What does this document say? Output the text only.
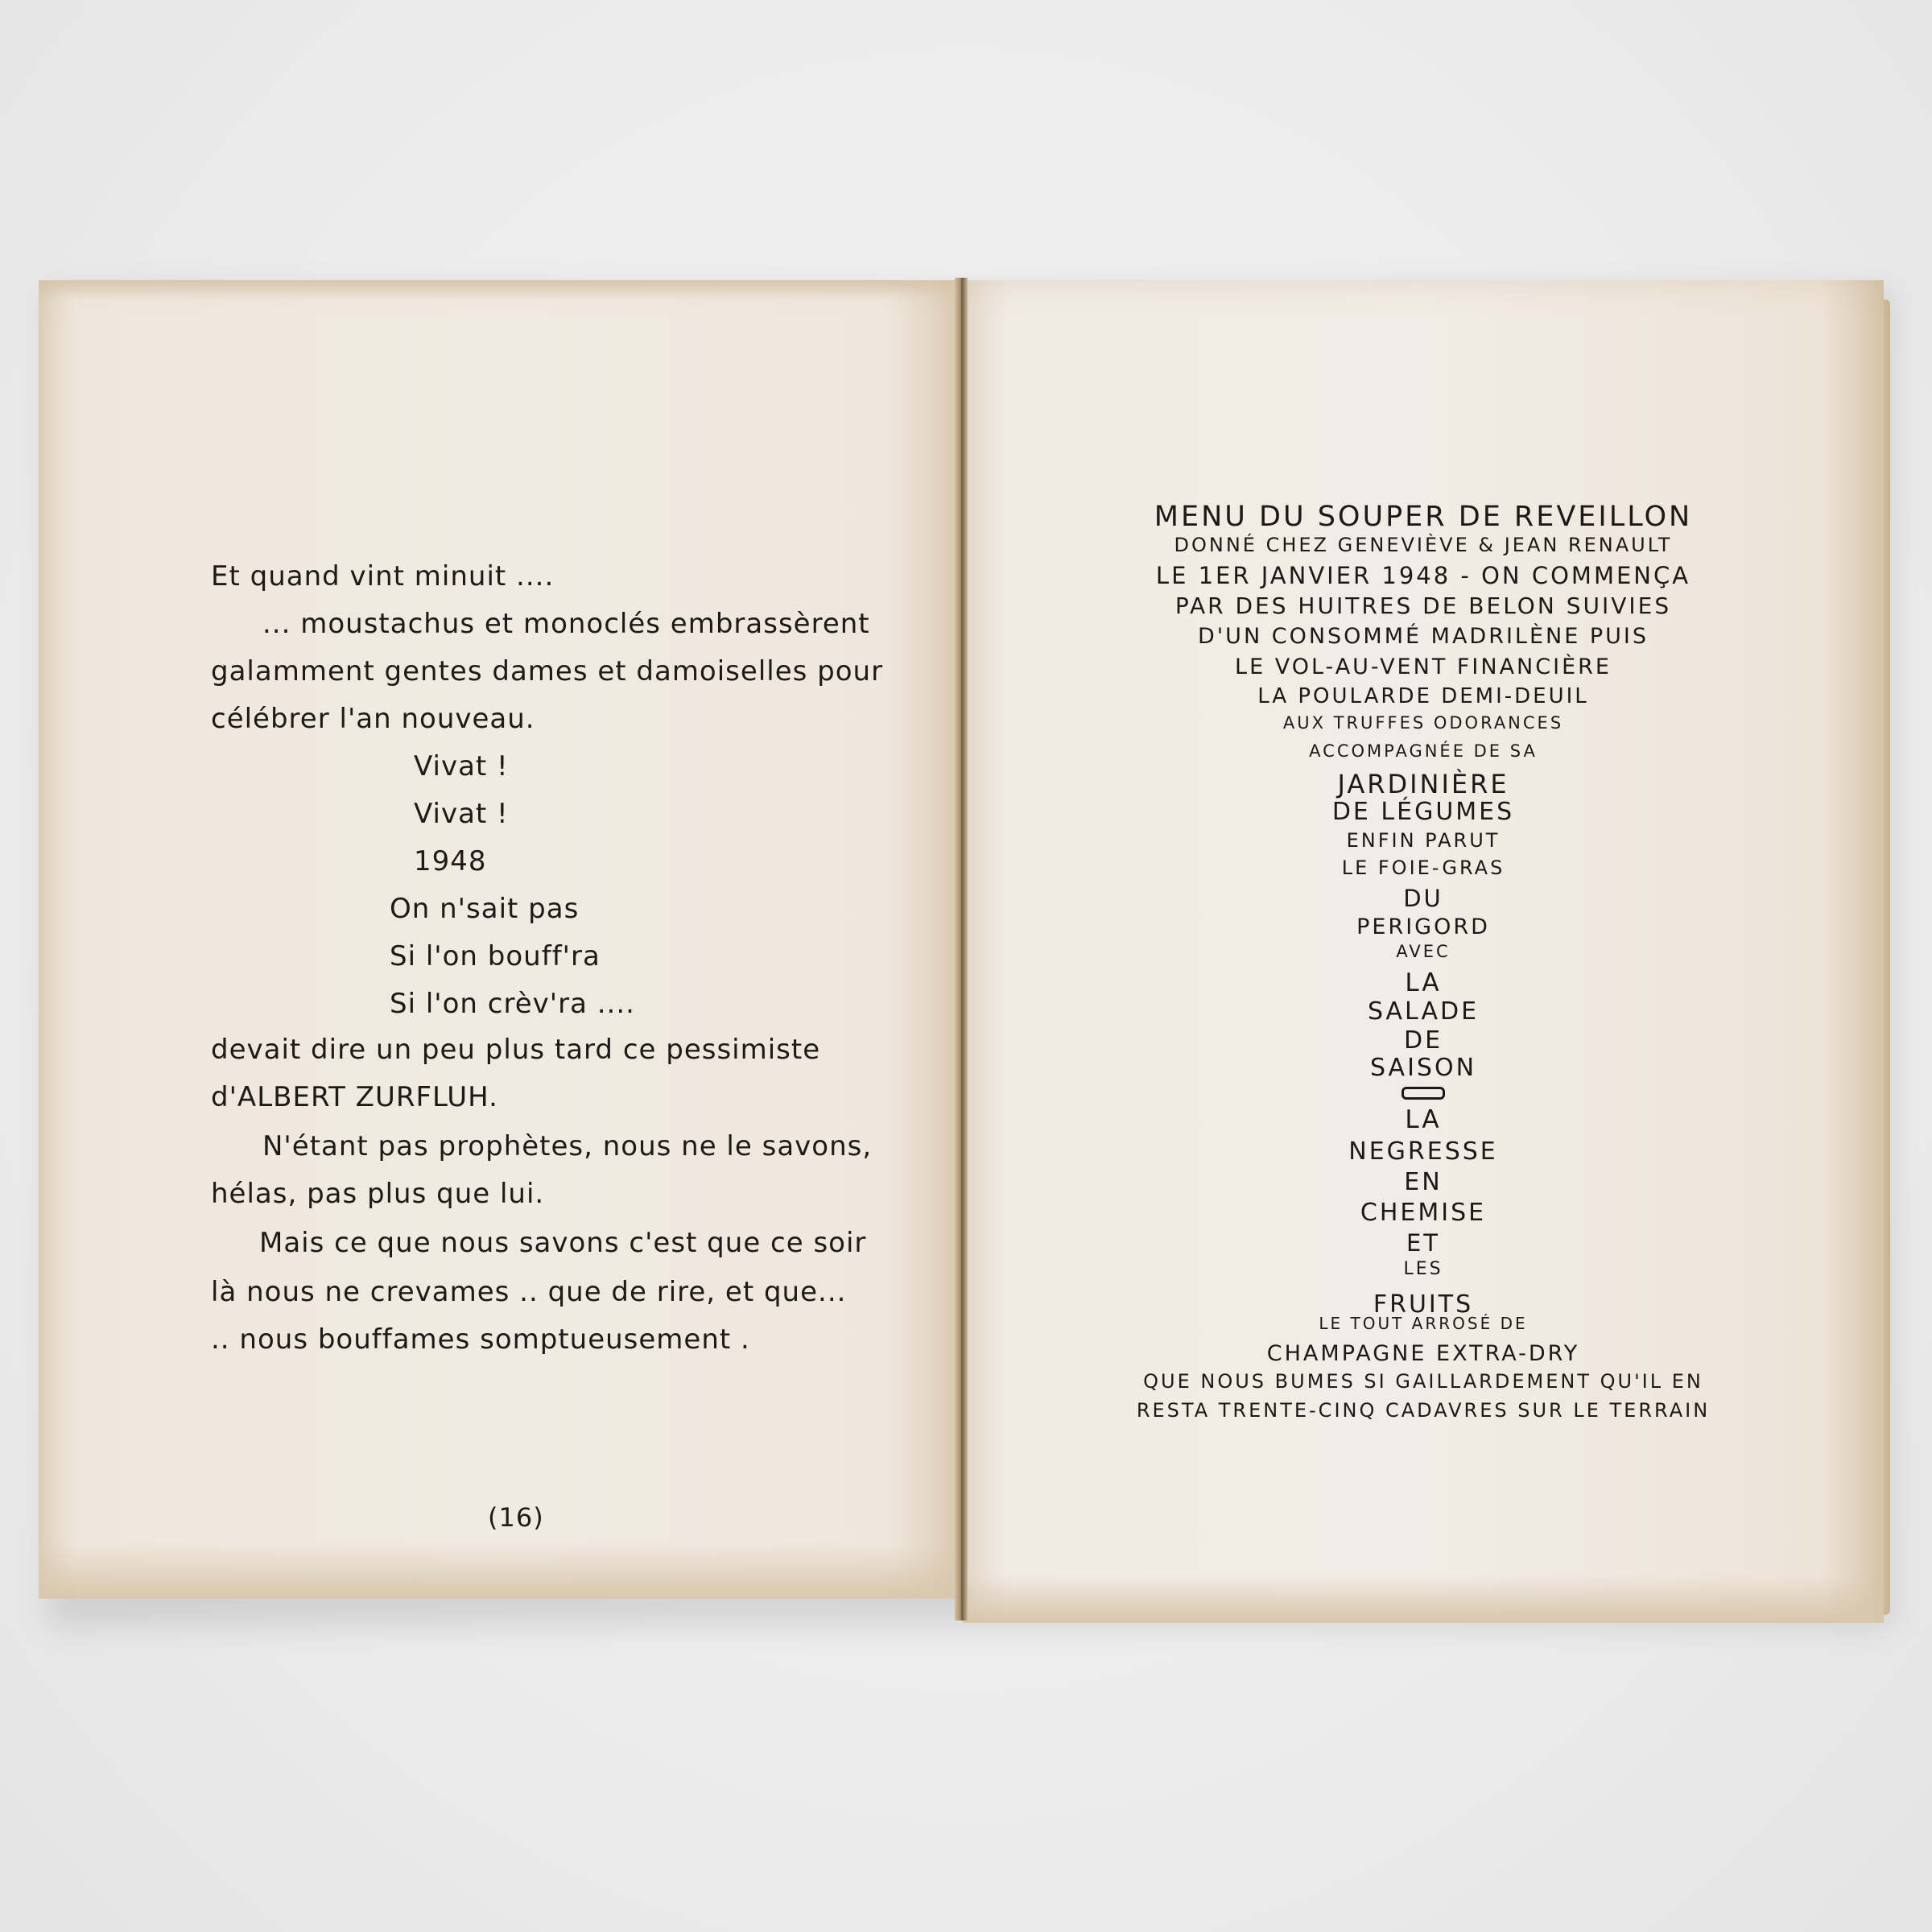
Et quand vint minuit ....

... moustachus et monoclés embrassèrent

galamment gentes dames et damoiselles pour

célébrer l'an nouveau.

Vivat !

Vivat !

1948

On n'sait pas

Si l'on bouff'ra

Si l'on crèv'ra ....

devait dire un peu plus tard ce pessimiste

d'ALBERT ZURFLUH.

N'étant pas prophètes, nous ne le savons,

hélas, pas plus que lui.

Mais ce que nous savons c'est que ce soir

là nous ne crevames .. que de rire, et que...

.. nous bouffames somptueusement .

(16)

MENU DU SOUPER DE REVEILLON
DONNÉ CHEZ GENEVIÈVE & JEAN RENAULT
LE 1ER JANVIER 1948 - ON COMMENÇA
PAR DES HUITRES DE BELON SUIVIES
D'UN CONSOMMÉ MADRILÈNE PUIS
LE VOL-AU-VENT FINANCIÈRE
LA POULARDE DEMI-DEUIL
AUX TRUFFES ODORANCES
ACCOMPAGNÉE DE SA
JARDINIÈRE
DE LÉGUMES
ENFIN PARUT
LE FOIE-GRAS
DU
PERIGORD
AVEC
LA
SALADE
DE
SAISON
LA
NEGRESSE
EN
CHEMISE
ET
LES
FRUITS
LE TOUT ARROSÉ DE
CHAMPAGNE EXTRA-DRY
QUE NOUS BUMES SI GAILLARDEMENT QU'IL EN
RESTA TRENTE-CINQ CADAVRES SUR LE TERRAIN
